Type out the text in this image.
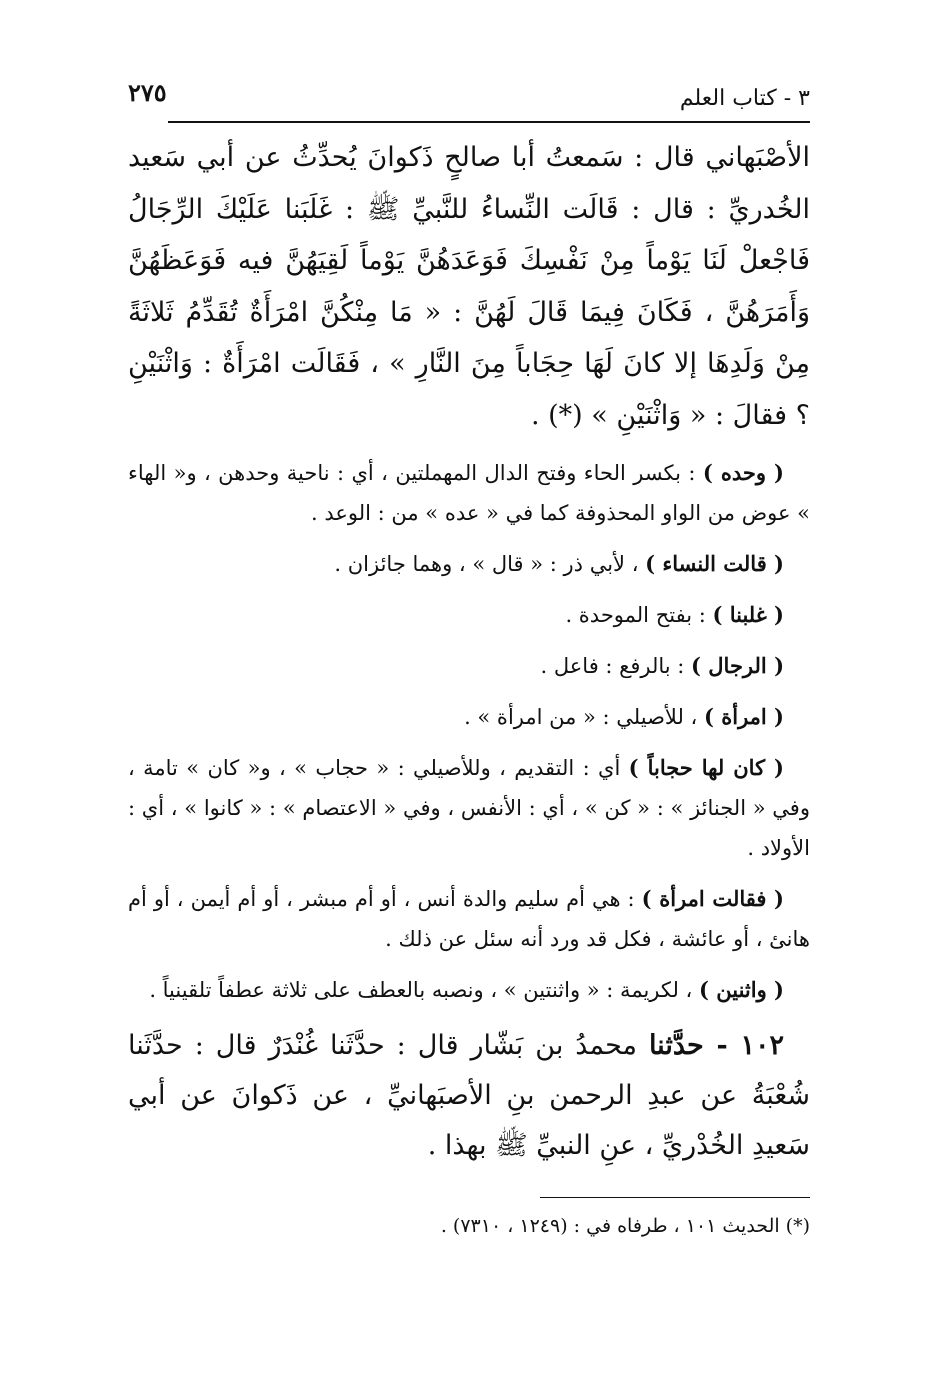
٣ - كتاب العلم
٢٧٥
الأصْبَهاني قال : سَمعتُ أبا صالحٍ ذَكوانَ يُحدِّثُ عن أبي سَعيد الخُدريِّ : قال : قَالَت النِّساءُ للنَّبيِّ ﷺ : غَلَبَنا عَلَيْكَ الرِّجَالُ فَاجْعلْ لَنَا يَوْماً مِنْ نَفْسِكَ فَوَعَدَهُنَّ يَوْماً لَقِيَهُنَّ فيه فَوَعَظَهُنَّ وَأَمَرَهُنَّ ، فَكَانَ فِيمَا قَالَ لَهُنَّ : « مَا مِنْكُنَّ امْرَأَةٌ تُقَدِّمُ ثَلاثَةً مِنْ وَلَدِهَا إلا كانَ لَهَا حِجَاباً مِنَ النَّارِ » ، فَقَالَت امْرَأَةٌ : وَاثْنَيْنِ ؟ فقالَ : « وَاثْنَيْنِ » (*) .

( وحده ) : بكسر الحاء وفتح الدال المهملتين ، أي : ناحية وحدهن ، و« الهاء » عوض من الواو المحذوفة كما في « عده » من : الوعد .

( قالت النساء ) ، لأبي ذر : « قال » ، وهما جائزان .

( غلبنا ) : بفتح الموحدة .

( الرجال ) : بالرفع : فاعل .

( امرأة ) ، للأصيلي : « من امرأة » .

( كان لها حجاباً ) أي : التقديم ، وللأصيلي : « حجاب » ، و« كان » تامة ، وفي « الجنائز » : « كن » ، أي : الأنفس ، وفي « الاعتصام » : « كانوا » ، أي : الأولاد .

( فقالت امرأة ) : هي أم سليم والدة أنس ، أو أم مبشر ، أو أم أيمن ، أو أم هانئ ، أو عائشة ، فكل قد ورد أنه سئل عن ذلك .

( واثنين ) ، لكريمة : « واثنتين » ، ونصبه بالعطف على ثلاثة عطفاً تلقينياً .

١٠٢ - حدَّثنا محمدُ بن بَشّار قال : حدَّثَنا غُنْدَرٌ قال : حدَّثَنا شُعْبَةُ عن عبدِ الرحمن بنِ الأصبَهانيِّ ، عن ذَكوانَ عن أبي سَعيدِ الخُدْريِّ ، عنِ النبيِّ ﷺ بهذا .
(*) الحديث ١٠١ ، طرفاه في : (١٢٤٩ ، ٧٣١٠) .
